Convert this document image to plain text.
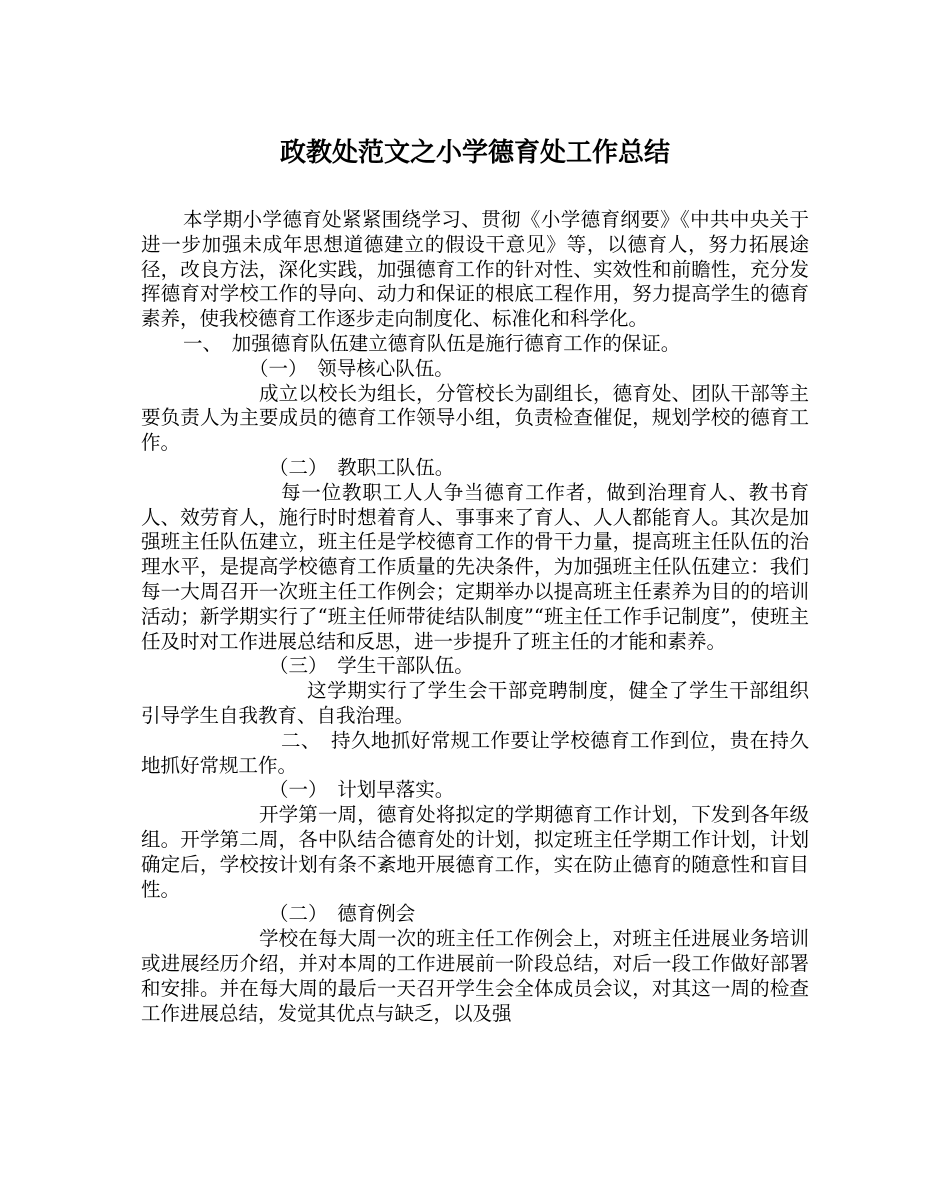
政教处范文之小学德育处工作总结

本学期小学德育处紧紧围绕学习、贯彻《小学德育纲要》《中共中央关于进一步加强未成年思想道德建立的假设干意见》等，以德育人，努力拓展途径，改良方法，深化实践，加强德育工作的针对性、实效性和前瞻性，充分发挥德育对学校工作的导向、动力和保证的根底工程作用，努力提高学生的德育素养，使我校德育工作逐步走向制度化、标准化和科学化。

一、　加强德育队伍建立德育队伍是施行德育工作的保证。

（一）　领导核心队伍。

成立以校长为组长，分管校长为副组长，德育处、团队干部等主要负责人为主要成员的德育工作领导小组，负责检查催促，规划学校的德育工作。

（二）　教职工队伍。

每一位教职工人人争当德育工作者，做到治理育人、教书育人、效劳育人，施行时时想着育人、事事来了育人、人人都能育人。其次是加强班主任队伍建立，班主任是学校德育工作的骨干力量，提高班主任队伍的治理水平，是提高学校德育工作质量的先决条件，为加强班主任队伍建立：我们每一大周召开一次班主任工作例会；定期举办以提高班主任素养为目的的培训活动；新学期实行了“班主任师带徒结队制度”“班主任工作手记制度”，使班主任及时对工作进展总结和反思，进一步提升了班主任的才能和素养。

（三）　学生干部队伍。

这学期实行了学生会干部竞聘制度，健全了学生干部组织引导学生自我教育、自我治理。

二、　持久地抓好常规工作要让学校德育工作到位，贵在持久地抓好常规工作。

（一）　计划早落实。

开学第一周，德育处将拟定的学期德育工作计划，下发到各年级组。开学第二周，各中队结合德育处的计划，拟定班主任学期工作计划，计划确定后，学校按计划有条不紊地开展德育工作，实在防止德育的随意性和盲目性。

（二）　德育例会

学校在每大周一次的班主任工作例会上，对班主任进展业务培训或进展经历介绍，并对本周的工作进展前一阶段总结，对后一段工作做好部署和安排。并在每大周的最后一天召开学生会全体成员会议，对其这一周的检查工作进展总结，发觉其优点与缺乏，以及强
